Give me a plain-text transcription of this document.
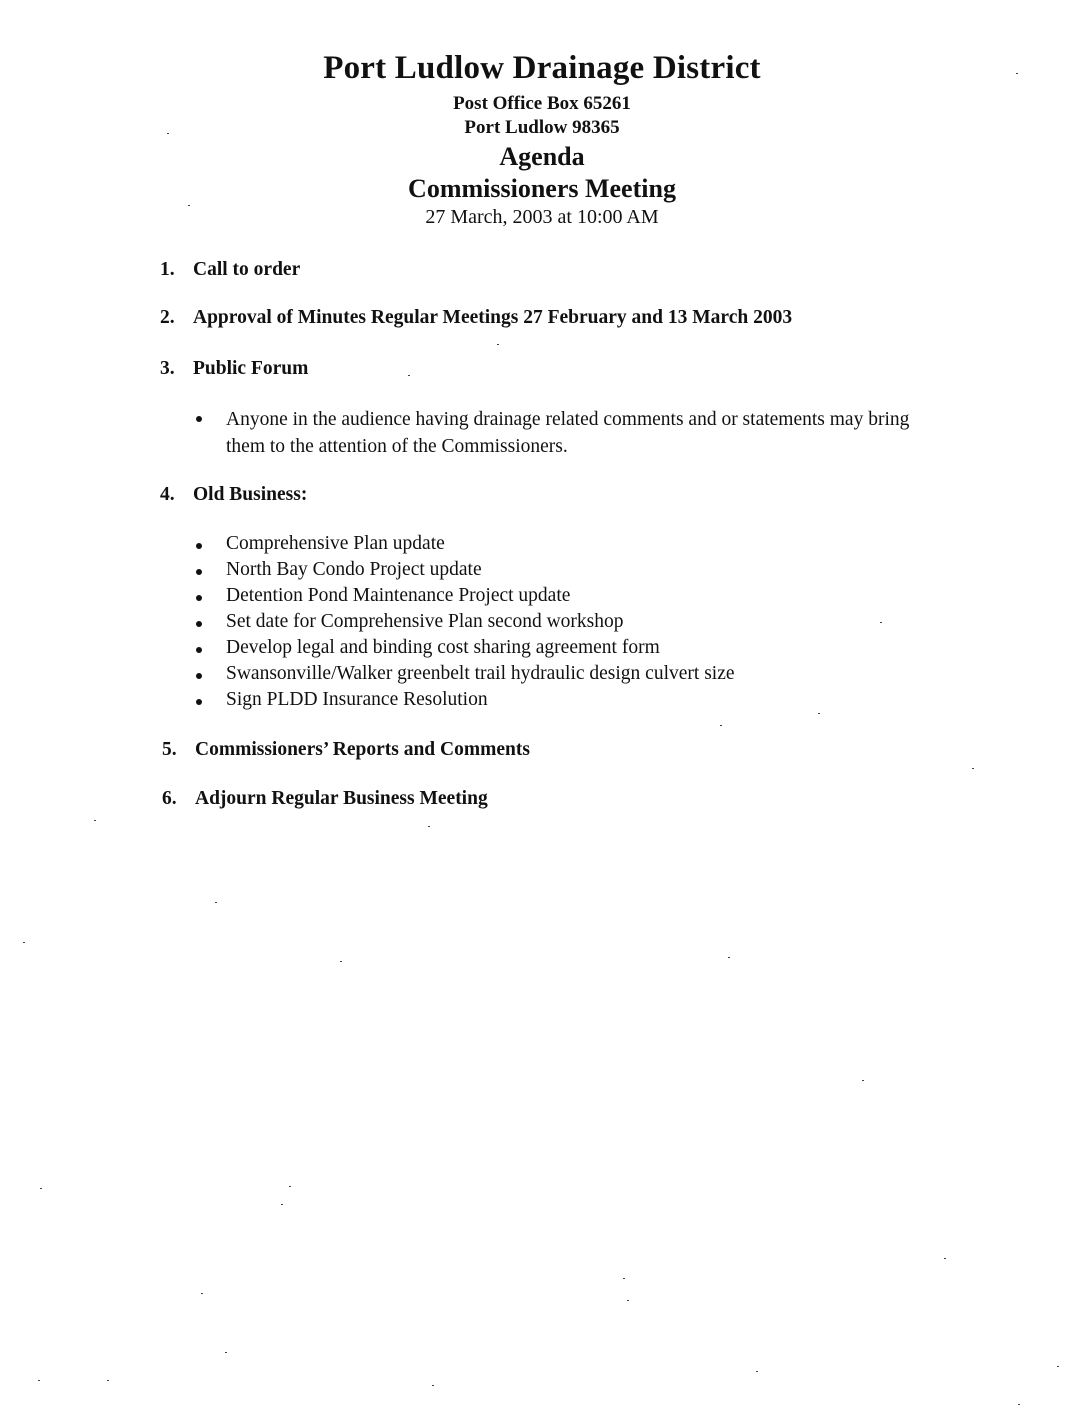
Port Ludlow Drainage District
Post Office Box 65261
Port Ludlow 98365
Agenda
Commissioners Meeting
27 March, 2003 at 10:00 AM
1. Call to order
2. Approval of Minutes Regular Meetings 27 February and 13 March 2003
3. Public Forum
Anyone in the audience having drainage related comments and or statements may bring them to the attention of the Commissioners.
4. Old Business:
Comprehensive Plan update
North Bay Condo Project update
Detention Pond Maintenance Project update
Set date for Comprehensive Plan second workshop
Develop legal and binding cost sharing agreement form
Swansonville/Walker greenbelt trail hydraulic design culvert size
Sign PLDD Insurance Resolution
5. Commissioners’ Reports and Comments
6. Adjourn Regular Business Meeting
